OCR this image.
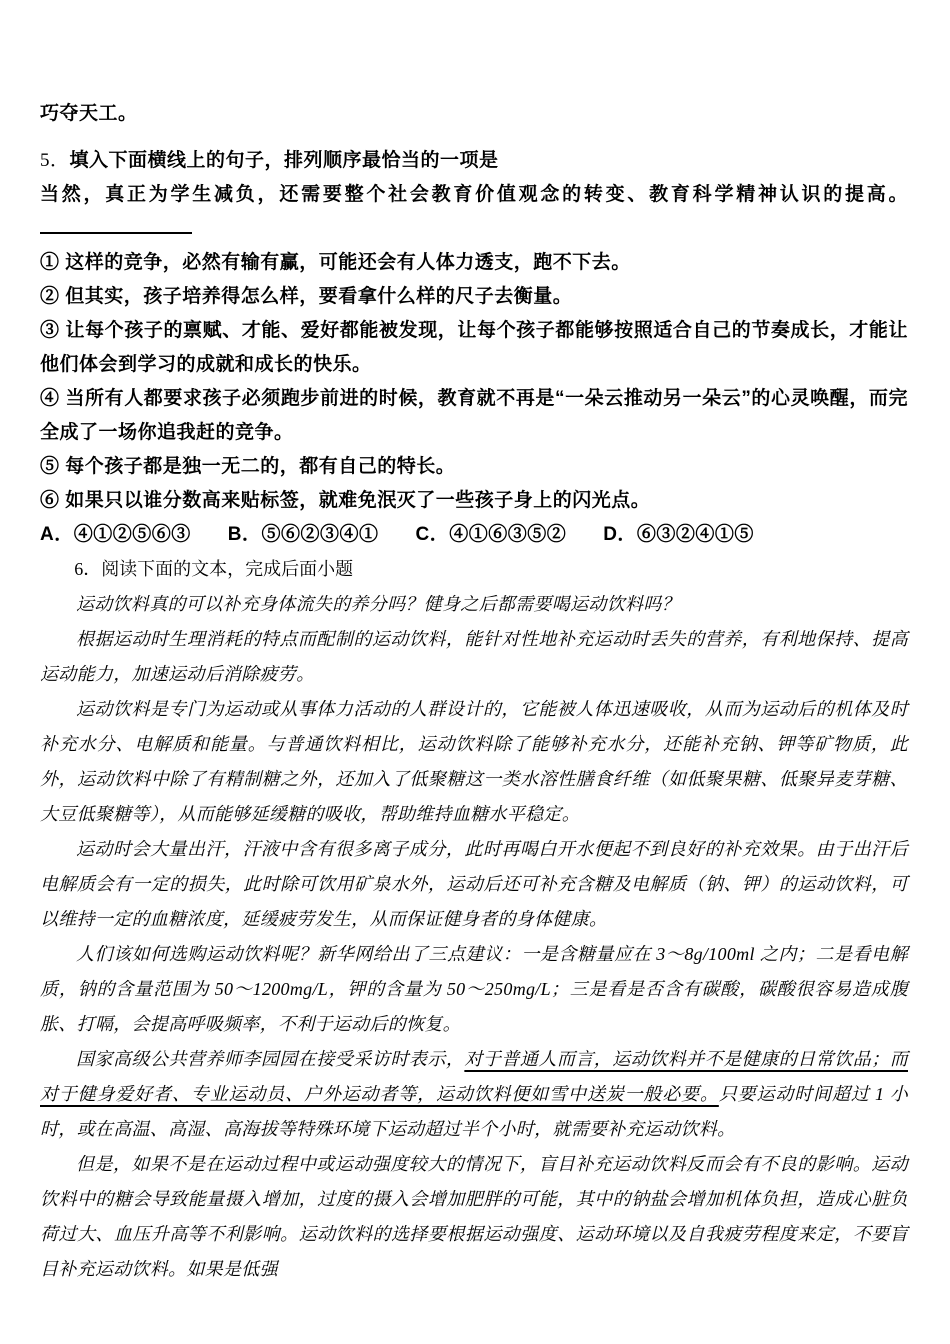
巧夺天工。

5．填入下面横线上的句子，排列顺序最恰当的一项是

当然，真正为学生减负，还需要整个社会教育价值观念的转变、教育科学精神认识的提高。

① 这样的竞争，必然有输有赢，可能还会有人体力透支，跑不下去。

② 但其实，孩子培养得怎么样，要看拿什么样的尺子去衡量。

③ 让每个孩子的禀赋、才能、爱好都能被发现，让每个孩子都能够按照适合自己的节奏成长，才能让他们体会到学习的成就和成长的快乐。

④ 当所有人都要求孩子必须跑步前进的时候，教育就不再是“一朵云推动另一朵云”的心灵唤醒，而完全成了一场你追我赶的竞争。

⑤ 每个孩子都是独一无二的，都有自己的特长。

⑥ 如果只以谁分数高来贴标签，就难免泯灭了一些孩子身上的闪光点。

A．④①②⑤⑥③ B．⑤⑥②③④① C．④①⑥③⑤② D．⑥③②④①⑤

6．阅读下面的文本，完成后面小题

运动饮料真的可以补充身体流失的养分吗？健身之后都需要喝运动饮料吗？

根据运动时生理消耗的特点而配制的运动饮料，能针对性地补充运动时丢失的营养，有利地保持、提高运动能力，加速运动后消除疲劳。

运动饮料是专门为运动或从事体力活动的人群设计的，它能被人体迅速吸收，从而为运动后的机体及时补充水分、电解质和能量。与普通饮料相比，运动饮料除了能够补充水分，还能补充钠、钾等矿物质，此外，运动饮料中除了有精制糖之外，还加入了低聚糖这一类水溶性膳食纤维（如低聚果糖、低聚异麦芽糖、大豆低聚糖等），从而能够延缓糖的吸收，帮助维持血糖水平稳定。

运动时会大量出汗，汗液中含有很多离子成分，此时再喝白开水便起不到良好的补充效果。由于出汗后电解质会有一定的损失，此时除可饮用矿泉水外，运动后还可补充含糖及电解质（钠、钾）的运动饮料，可以维持一定的血糖浓度，延缓疲劳发生，从而保证健身者的身体健康。

人们该如何选购运动饮料呢？新华网给出了三点建议：一是含糖量应在 3～8g/100ml 之内；二是看电解质，钠的含量范围为 50～1200mg/L，钾的含量为 50～250mg/L；三是看是否含有碳酸，碳酸很容易造成腹胀、打嗝，会提高呼吸频率，不利于运动后的恢复。

国家高级公共营养师李园园在接受采访时表示，对于普通人而言，运动饮料并不是健康的日常饮品；而对于健身爱好者、专业运动员、户外运动者等，运动饮料便如雪中送炭一般必要。只要运动时间超过 1 小时，或在高温、高湿、高海拔等特殊环境下运动超过半个小时，就需要补充运动饮料。

但是，如果不是在运动过程中或运动强度较大的情况下，盲目补充运动饮料反而会有不良的影响。运动饮料中的糖会导致能量摄入增加，过度的摄入会增加肥胖的可能，其中的钠盐会增加机体负担，造成心脏负荷过大、血压升高等不利影响。运动饮料的选择要根据运动强度、运动环境以及自我疲劳程度来定，不要盲目补充运动饮料。如果是低强
